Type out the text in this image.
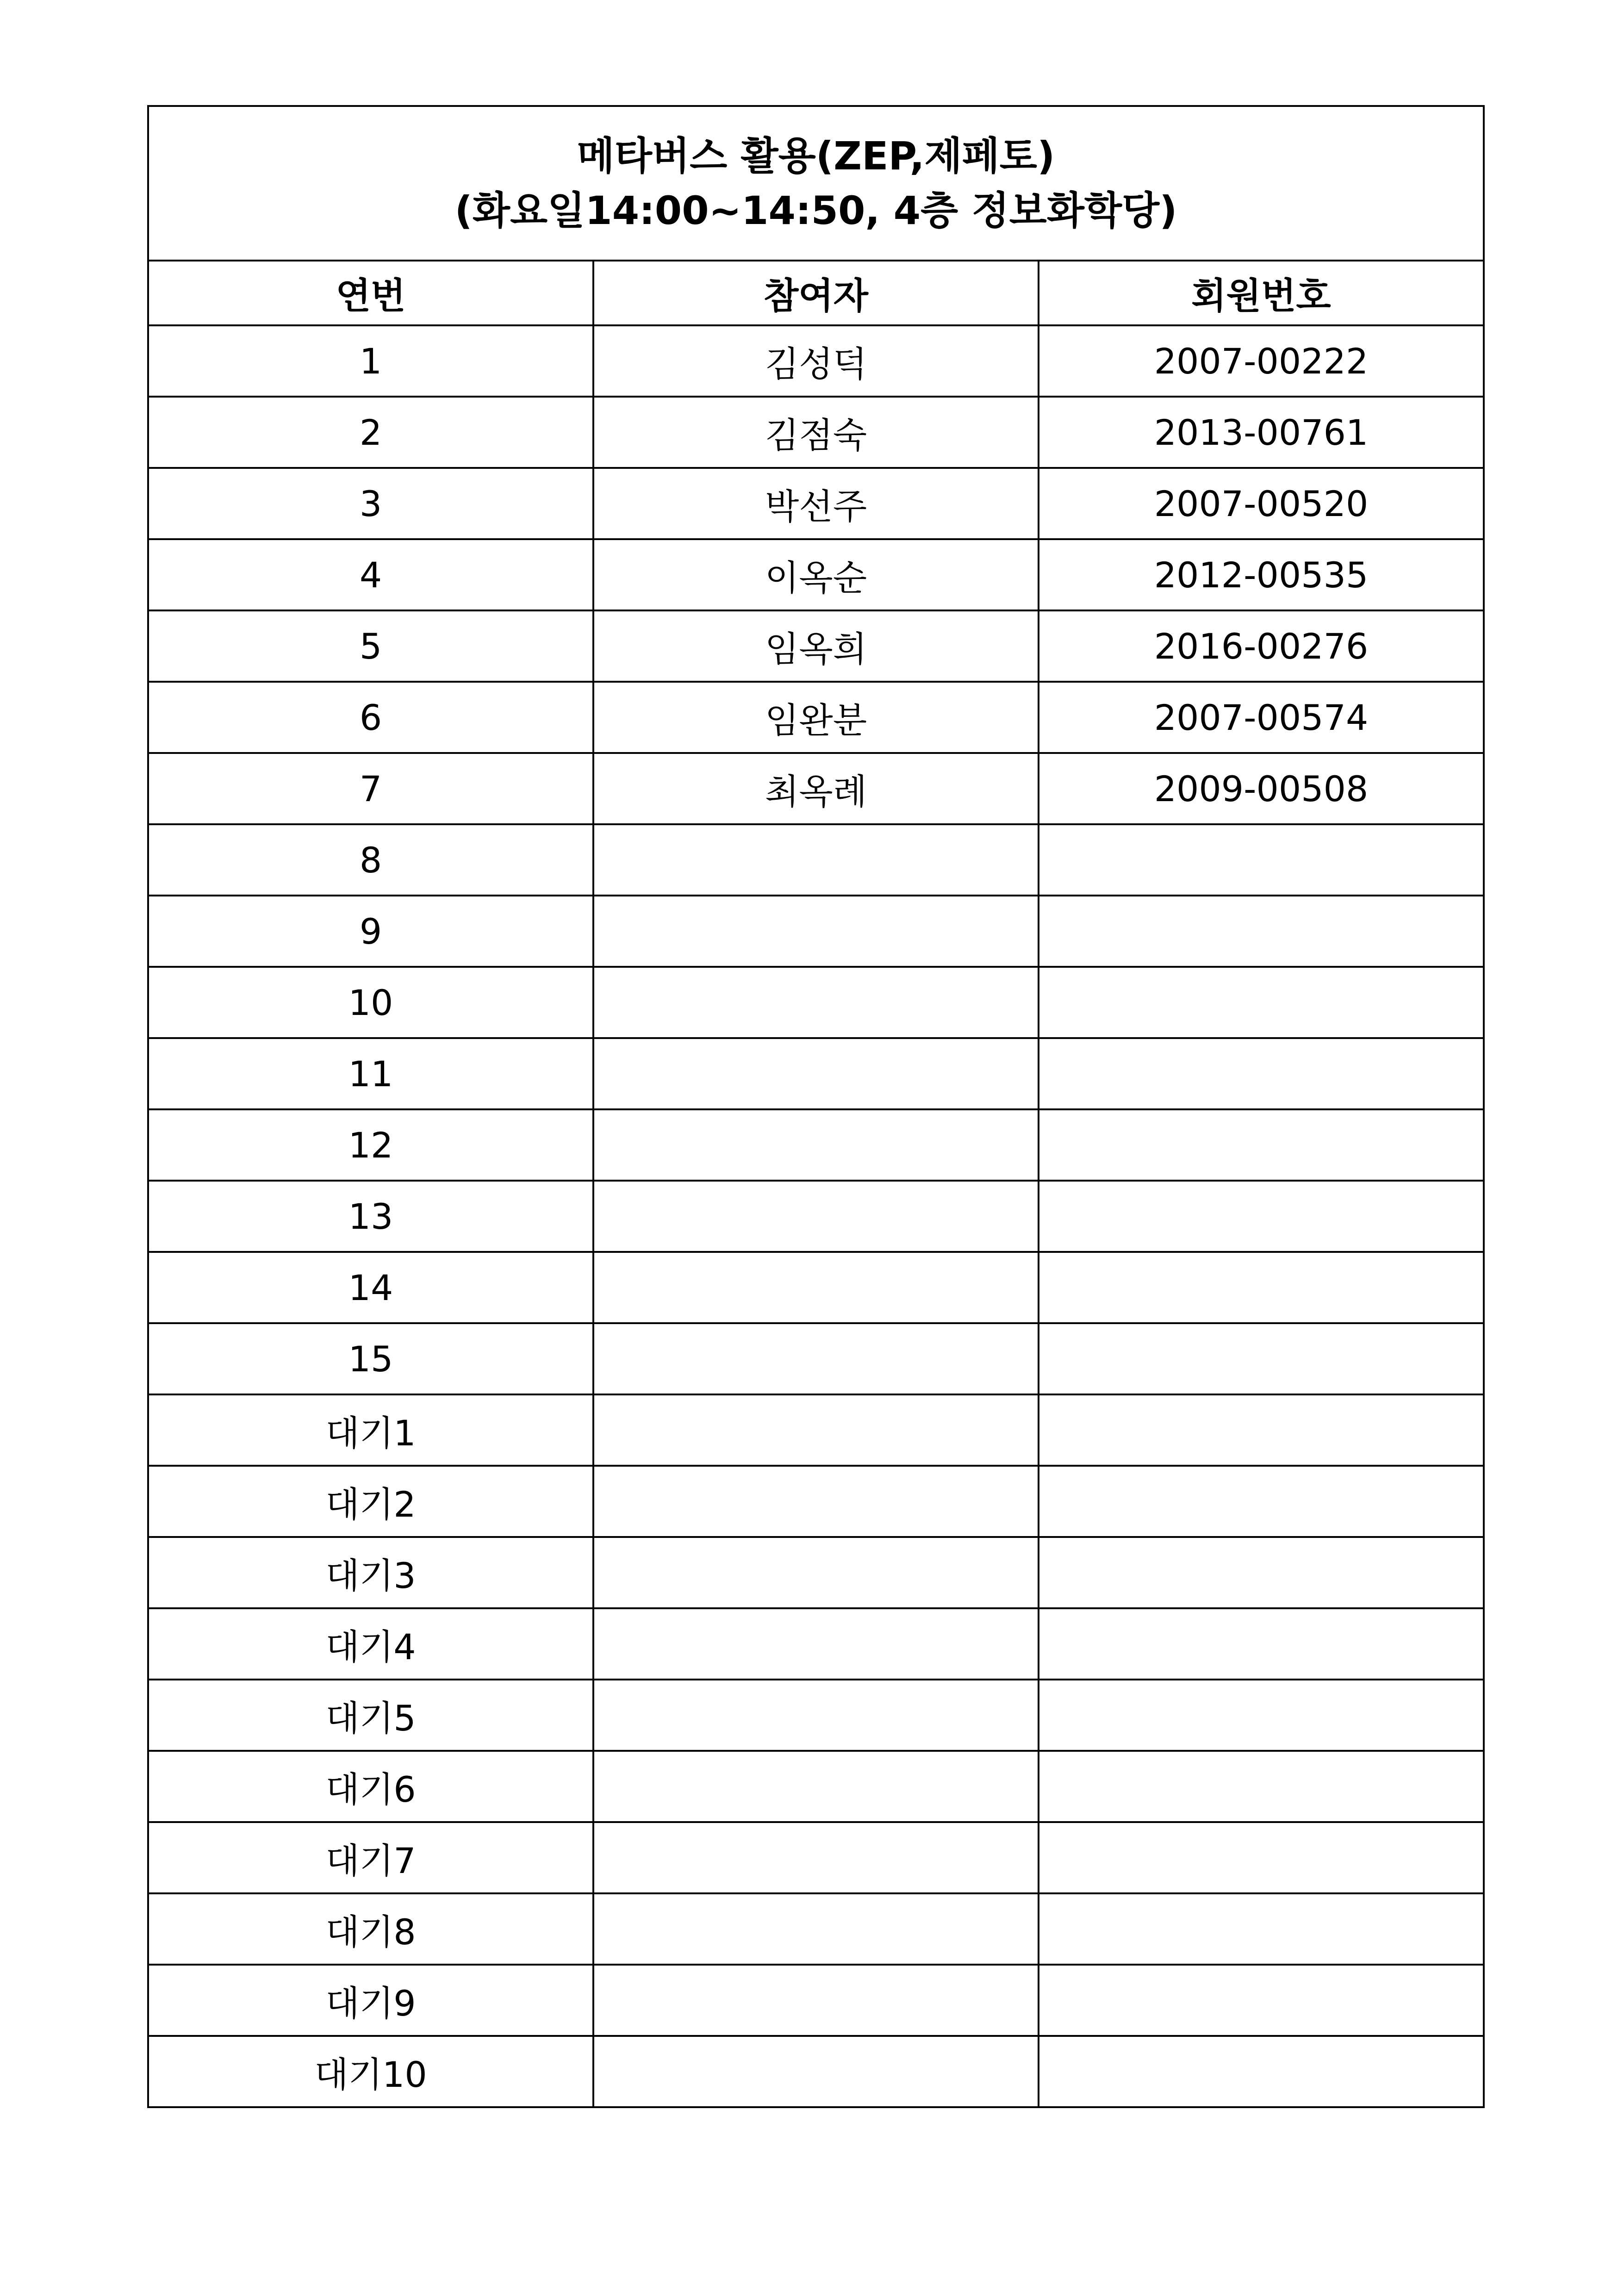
메타버스 활용(ZEP,제페토)
(화요일14:00~14:50, 4층 정보화학당)		

연번	참여자	회원번호
1	김성덕	2007-00222
2	김점숙	2013-00761
3	박선주	2007-00520
4	이옥순	2012-00535
5	임옥희	2016-00276
6	임완분	2007-00574
7	최옥례	2009-00508
8		
9		
10		
11		
12		
13		
14		
15		
대기1		
대기2		
대기3		
대기4		
대기5		
대기6		
대기7		
대기8		
대기9		
대기10		
